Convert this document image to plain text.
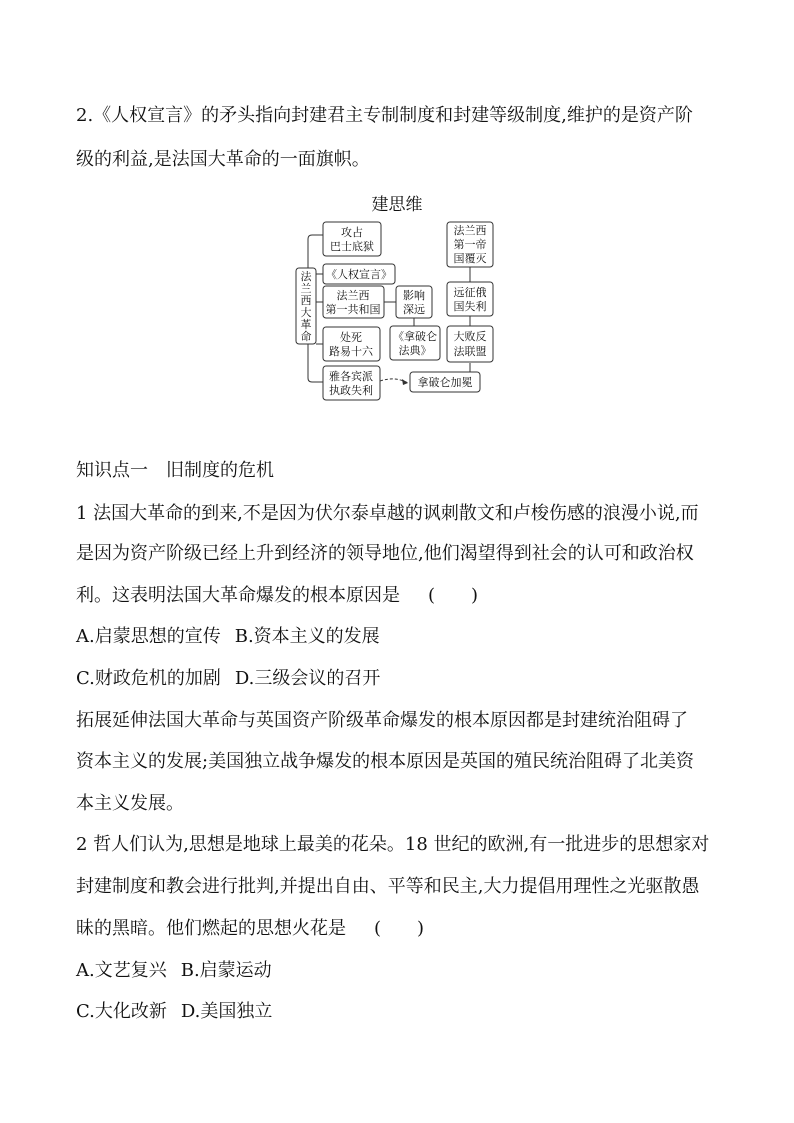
2.《人权宣言》的矛头指向封建君主专制制度和封建等级制度,维护的是资产阶

级的利益,是法国大革命的一面旗帜。

建思维
法
兰
西
大
革
命
攻占
巴士底狱
《人权宣言》
法兰西
第一共和国
处死
路易十六
雅各宾派
执政失利
影响
深远
《拿破仑
法典》
拿破仑加冕
大败反
法联盟
远征俄
国失利
法兰西
第一帝
国覆灭

知识点一　旧制度的危机

1 法国大革命的到来,不是因为伏尔泰卓越的讽刺散文和卢梭伤感的浪漫小说,而

是因为资产阶级已经上升到经济的领导地位,他们渴望得到社会的认可和政治权

利。这表明法国大革命爆发的根本原因是 (　　)

A.启蒙思想的宣传 B.资本主义的发展

C.财政危机的加剧 D.三级会议的召开

拓展延伸法国大革命与英国资产阶级革命爆发的根本原因都是封建统治阻碍了

资本主义的发展;美国独立战争爆发的根本原因是英国的殖民统治阻碍了北美资

本主义发展。

2 哲人们认为,思想是地球上最美的花朵。18 世纪的欧洲,有一批进步的思想家对

封建制度和教会进行批判,并提出自由、平等和民主,大力提倡用理性之光驱散愚

昧的黑暗。他们燃起的思想火花是 (　　)

A.文艺复兴 B.启蒙运动

C.大化改新 D.美国独立
